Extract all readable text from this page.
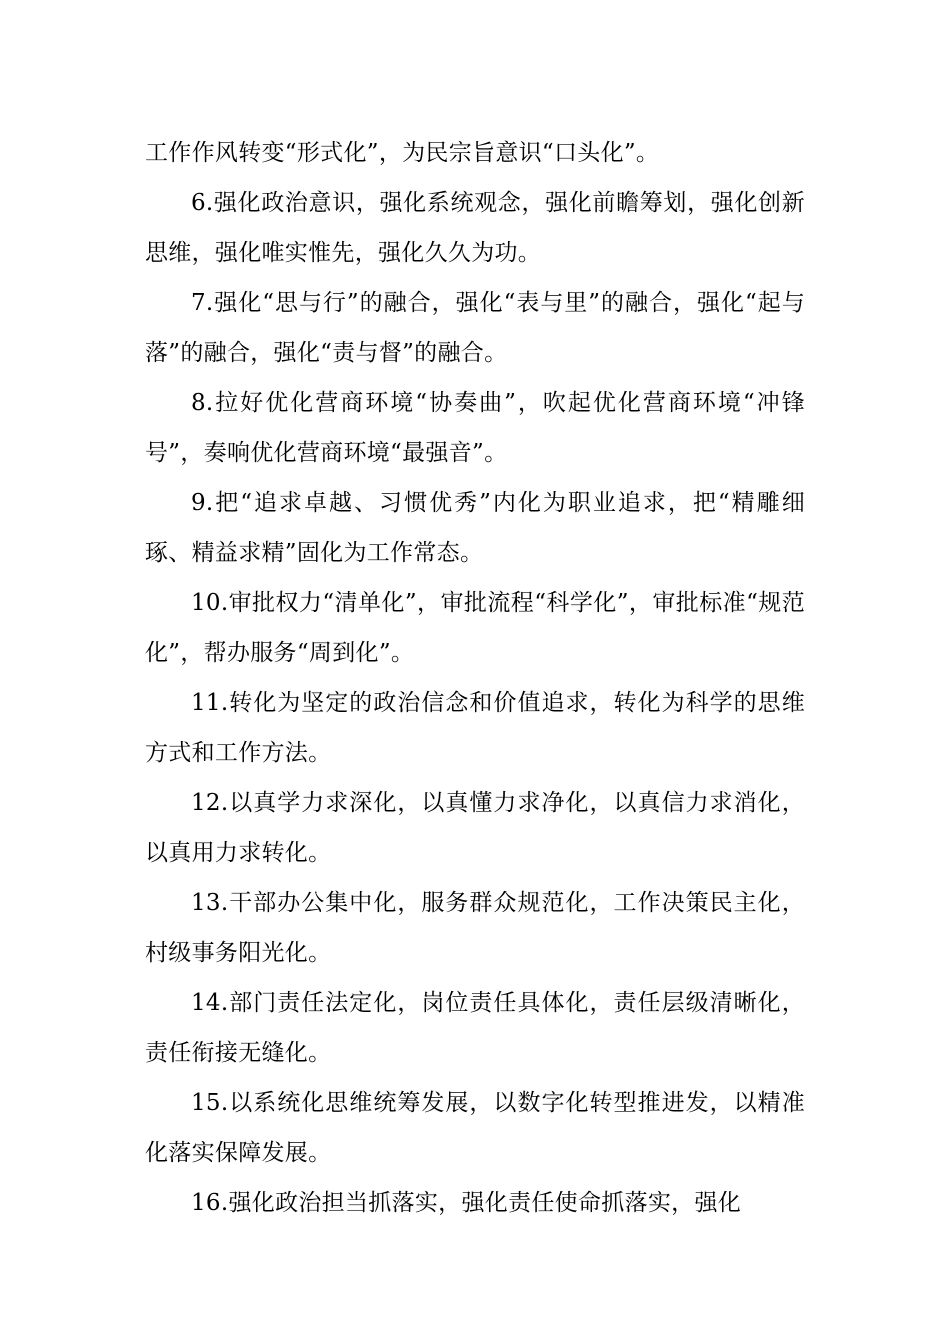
工作作风转变“形式化”，为民宗旨意识“口头化”。

6.强化政治意识，强化系统观念，强化前瞻筹划，强化创新思维，强化唯实惟先，强化久久为功。

7.强化“思与行”的融合，强化“表与里”的融合，强化“起与落”的融合，强化“责与督”的融合。

8.拉好优化营商环境“协奏曲”，吹起优化营商环境“冲锋号”，奏响优化营商环境“最强音”。

9.把“追求卓越、习惯优秀”内化为职业追求，把“精雕细琢、精益求精”固化为工作常态。

10.审批权力“清单化”，审批流程“科学化”，审批标准“规范化”，帮办服务“周到化”。

11.转化为坚定的政治信念和价值追求，转化为科学的思维方式和工作方法。

12.以真学力求深化，以真懂力求净化，以真信力求消化，以真用力求转化。

13.干部办公集中化，服务群众规范化，工作决策民主化，村级事务阳光化。

14.部门责任法定化，岗位责任具体化，责任层级清晰化，责任衔接无缝化。

15.以系统化思维统筹发展，以数字化转型推进发，以精准化落实保障发展。

16.强化政治担当抓落实，强化责任使命抓落实，强化
